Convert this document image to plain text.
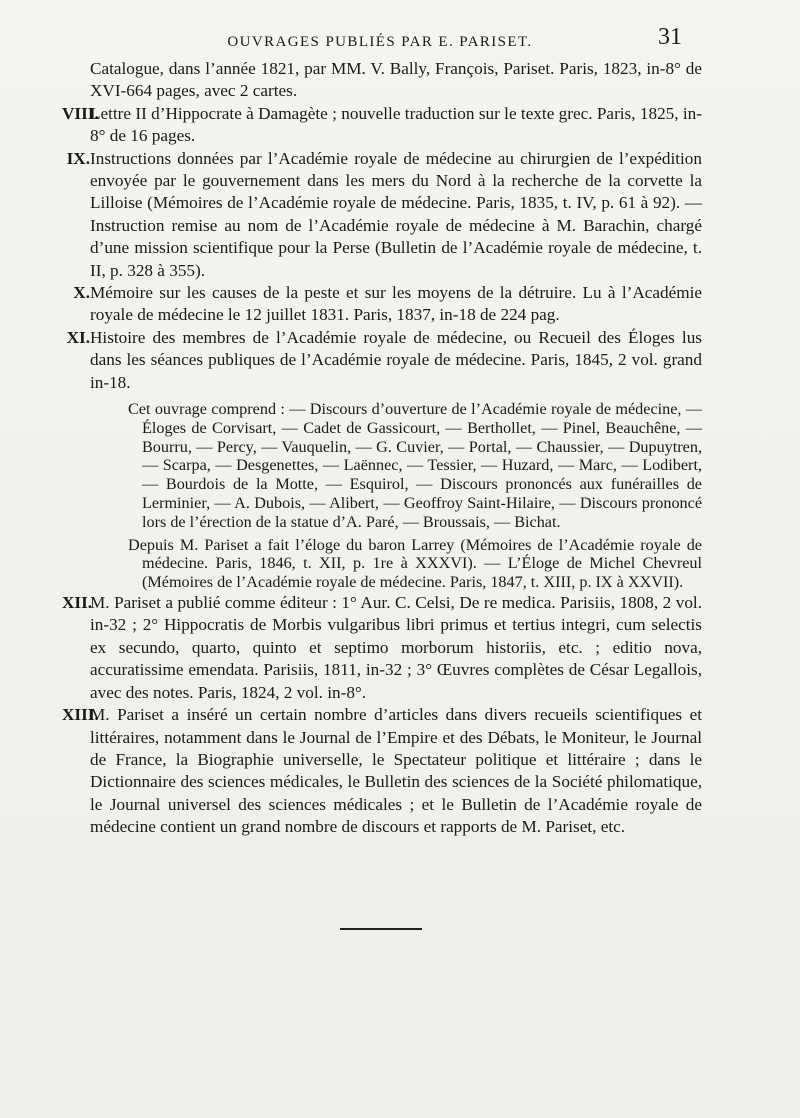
OUVRAGES PUBLIÉS PAR E. PARISET.	31

Catalogue, dans l’année 1821, par MM. V. Bally, François, Pariset. Paris, 1823, in-8° de XVI-664 pages, avec 2 cartes.

VIII.
Lettre II d’Hippocrate à Damagète ; nouvelle traduction sur le texte grec. Paris, 1825, in-8° de 16 pages.
IX. Instructions données par l’Académie royale de médecine au chirurgien de l’expédition envoyée par le gouvernement dans les mers du Nord à la recherche de la corvette la Lilloise (Mémoires de l’Académie royale de médecine. Paris, 1835, t. IV, p. 61 à 92). — Instruction remise au nom de l’Académie royale de médecine à M. Barachin, chargé d’une mission scientifique pour la Perse (Bulletin de l’Académie royale de médecine, t. II, p. 328 à 355).
X. Mémoire sur les causes de la peste et sur les moyens de la détruire. Lu à l’Académie royale de médecine le 12 juillet 1831. Paris, 1837, in-18 de 224 pag.
XI. Histoire des membres de l’Académie royale de médecine, ou Recueil des Éloges lus dans les séances publiques de l’Académie royale de médecine. Paris, 1845, 2 vol. grand in-18.

Cet ouvrage comprend : — Discours d’ouverture de l’Académie royale de médecine, — Éloges de Corvisart, — Cadet de Gassicourt, — Berthollet, — Pinel, Beauchêne, — Bourru, — Percy, — Vauquelin, — G. Cuvier, — Portal, — Chaussier, — Dupuytren, — Scarpa, — Desgenettes, — Laënnec, — Tessier, — Huzard, — Marc, — Lodibert, — Bourdois de la Motte, — Esquirol, — Discours prononcés aux funérailles de Lerminier, — A. Dubois, — Alibert, — Geoffroy Saint-Hilaire, — Discours prononcé lors de l’érection de la statue d’A. Paré, — Broussais, — Bichat.

Depuis M. Pariset a fait l’éloge du baron Larrey (Mémoires de l’Académie royale de médecine. Paris, 1846, t. XII, p. 1re à XXXVI). — L’Éloge de Michel Chevreul (Mémoires de l’Académie royale de médecine. Paris, 1847, t. XIII, p. IX à XXVII).

XII.
M. Pariset a publié comme éditeur : 1° Aur. C. Celsi, De re medica. Parisiis, 1808, 2 vol. in-32 ; 2° Hippocratis de Morbis vulgaribus libri primus et tertius integri, cum selectis ex secundo, quarto, quinto et septimo morborum historiis, etc. ; editio nova, accuratissime emendata. Parisiis, 1811, in-32 ; 3° Œuvres complètes de César Legallois, avec des notes. Paris, 1824, 2 vol. in-8°.
XIII.
M. Pariset a inséré un certain nombre d’articles dans divers recueils scientifiques et littéraires, notamment dans le Journal de l’Empire et des Débats, le Moniteur, le Journal de France, la Biographie universelle, le Spectateur politique et littéraire ; dans le Dictionnaire des sciences médicales, le Bulletin des sciences de la Société philomatique, le Journal universel des sciences médicales ; et le Bulletin de l’Académie royale de médecine contient un grand nombre de discours et rapports de M. Pariset, etc.
